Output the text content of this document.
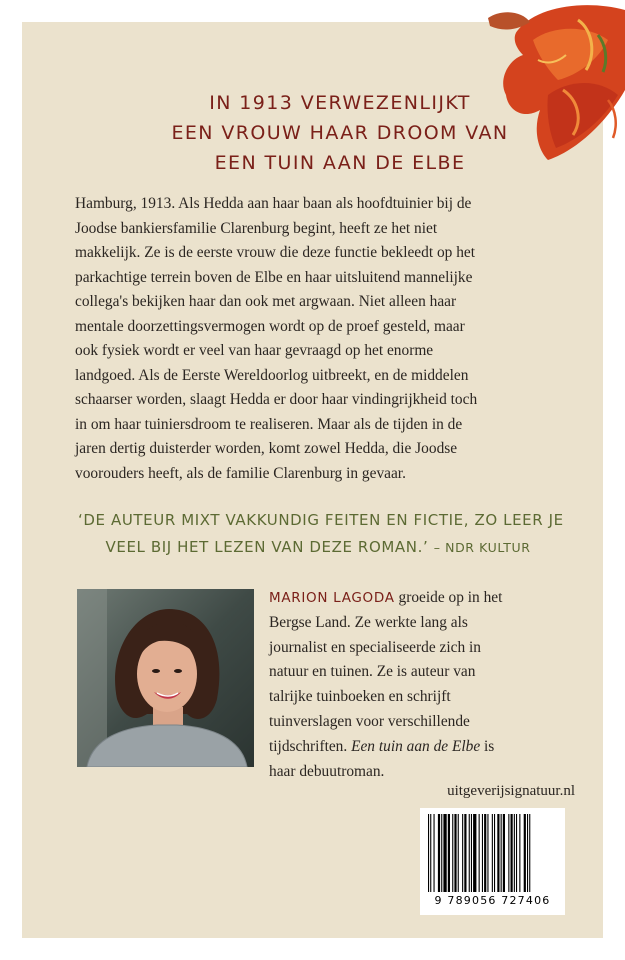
IN 1913 VERWEZENLIJKT
EEN VROUW HAAR DROOM VAN
EEN TUIN AAN DE ELBE
Hamburg, 1913. Als Hedda aan haar baan als hoofdtuinier bij de
Joodse bankiersfamilie Clarenburg begint, heeft ze het niet
makkelijk. Ze is de eerste vrouw die deze functie bekleedt op het
parkachtige terrein boven de Elbe en haar uitsluitend mannelijke
collega's bekijken haar dan ook met argwaan. Niet alleen haar
mentale doorzettingsvermogen wordt op de proef gesteld, maar
ook fysiek wordt er veel van haar gevraagd op het enorme
landgoed. Als de Eerste Wereldoorlog uitbreekt, en de middelen
schaarser worden, slaagt Hedda er door haar vindingrijkheid toch
in om haar tuiniersdroom te realiseren. Maar als de tijden in de
jaren dertig duisterder worden, komt zowel Hedda, die Joodse
voorouders heeft, als de familie Clarenburg in gevaar.
‘DE AUTEUR MIXT VAKKUNDIG FEITEN EN FICTIE, ZO LEER JE
VEEL BIJ HET LEZEN VAN DEZE ROMAN.’ – NDR KULTUR
MARION LAGODA groeide op in het
Bergse Land. Ze werkte lang als
journalist en specialiseerde zich in
natuur en tuinen. Ze is auteur van
talrijke tuinboeken en schrijft
tuinverslagen voor verschillende
tijdschriften. Een tuin aan de Elbe is
haar debuutroman.
uitgeverijsignatuur.nl
9 789056 727406
